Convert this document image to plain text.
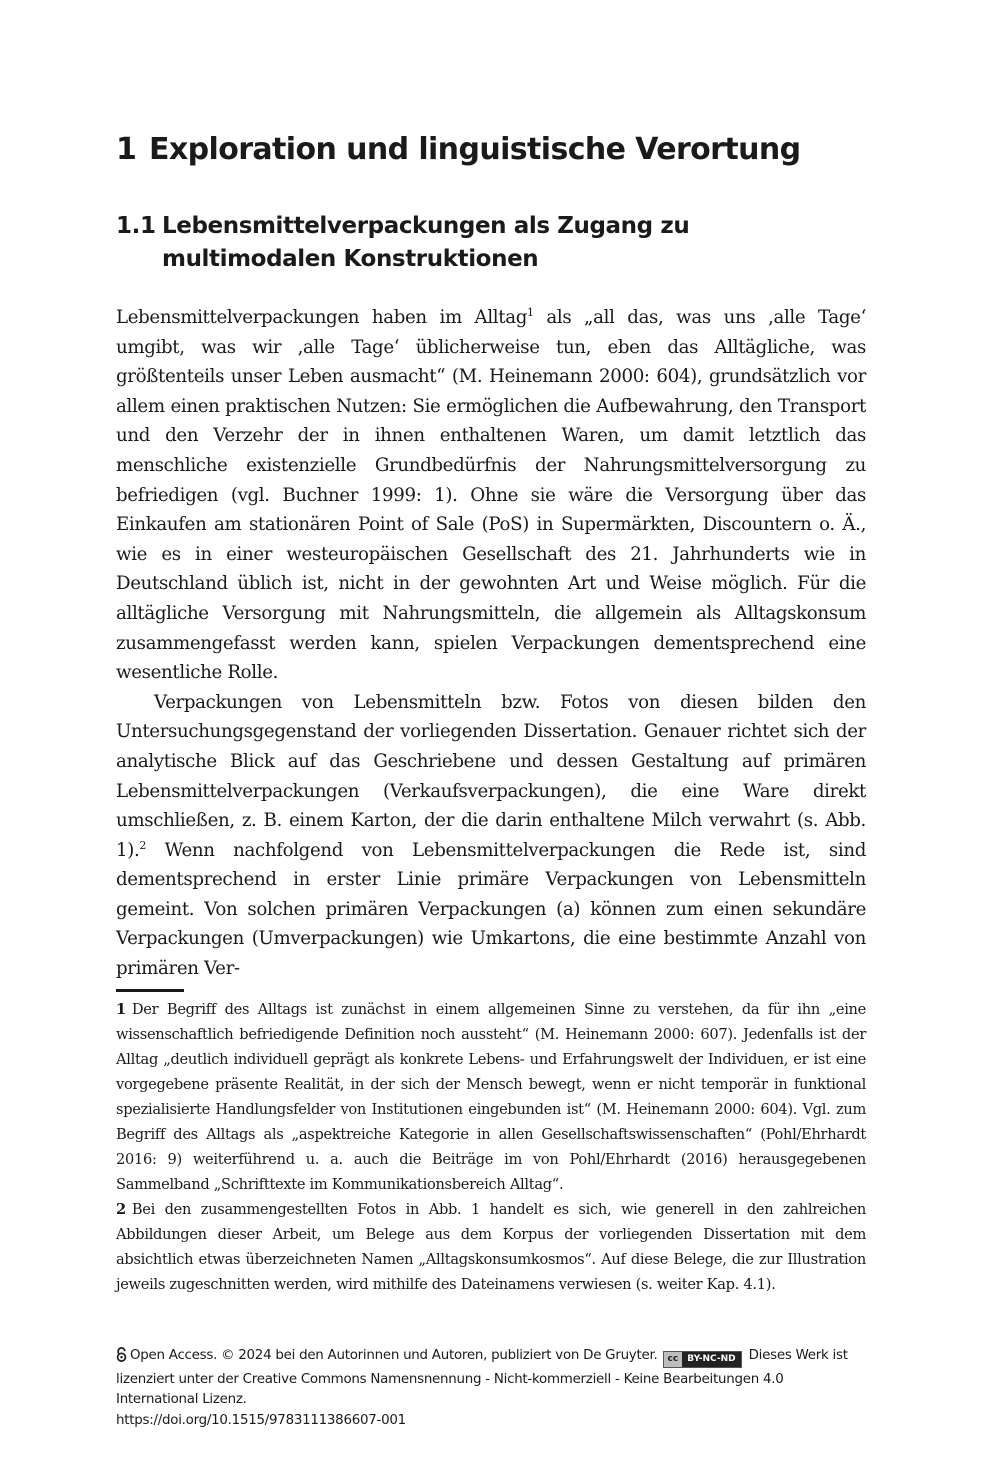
1 Exploration und linguistische Verortung
1.1 Lebensmittelverpackungen als Zugang zu multimodalen Konstruktionen

Lebensmittelverpackungen haben im Alltag$^1$ als „all das, was uns ‚alle Tage‘ umgibt, was wir ‚alle Tage‘ üblicherweise tun, eben das Alltägliche, was größtenteils unser Leben ausmacht“ (M. Heinemann 2000: 604), grundsätzlich vor allem einen praktischen Nutzen: Sie ermöglichen die Aufbewahrung, den Transport und den Verzehr der in ihnen enthaltenen Waren, um damit letztlich das menschliche existenzielle Grundbedürfnis der Nahrungsmittelversorgung zu befriedigen (vgl. Buchner 1999: 1). Ohne sie wäre die Versorgung über das Einkaufen am stationären Point of Sale (PoS) in Supermärkten, Discountern o. Ä., wie es in einer westeuropäischen Gesellschaft des 21. Jahrhunderts wie in Deutschland üblich ist, nicht in der gewohnten Art und Weise möglich. Für die alltägliche Versorgung mit Nahrungsmitteln, die allgemein als Alltagskonsum zusammengefasst werden kann, spielen Verpackungen dementsprechend eine wesentliche Rolle.

Verpackungen von Lebensmitteln bzw. Fotos von diesen bilden den Untersuchungsgegenstand der vorliegenden Dissertation. Genauer richtet sich der analytische Blick auf das Geschriebene und dessen Gestaltung auf primären Lebensmittelverpackungen (Verkaufsverpackungen), die eine Ware direkt umschließen, z. B. einem Karton, der die darin enthaltene Milch verwahrt (s. Abb. 1).$^2$ Wenn nachfolgend von Lebensmittelverpackungen die Rede ist, sind dementsprechend in erster Linie primäre Verpackungen von Lebensmitteln gemeint. Von solchen primären Verpackungen (a) können zum einen sekundäre Verpackungen (Umverpackungen) wie Umkartons, die eine bestimmte Anzahl von primären Ver-

1 Der Begriff des Alltags ist zunächst in einem allgemeinen Sinne zu verstehen, da für ihn „eine wissenschaftlich befriedigende Definition noch aussteht“ (M. Heinemann 2000: 607). Jedenfalls ist der Alltag „deutlich individuell geprägt als konkrete Lebens- und Erfahrungswelt der Individuen, er ist eine vorgegebene präsente Realität, in der sich der Mensch bewegt, wenn er nicht temporär in funktional spezialisierte Handlungsfelder von Institutionen eingebunden ist“ (M. Heinemann 2000: 604). Vgl. zum Begriff des Alltags als „aspektreiche Kategorie in allen Gesellschaftswissenschaften“ (Pohl/Ehrhardt 2016: 9) weiterführend u. a. auch die Beiträge im von Pohl/Ehrhardt (2016) herausgegebenen Sammelband „Schrifttexte im Kommunikationsbereich Alltag“.

2 Bei den zusammengestellten Fotos in Abb. 1 handelt es sich, wie generell in den zahlreichen Abbildungen dieser Arbeit, um Belege aus dem Korpus der vorliegenden Dissertation mit dem absichtlich etwas überzeichneten Namen „Alltagskonsumkosmos“. Auf diese Belege, die zur Illustration jeweils zugeschnitten werden, wird mithilfe des Dateinamens verwiesen (s. weiter Kap. 4.1).

Open Access. © 2024 bei den Autorinnen und Autoren, publiziert von De Gruyter.	cc	BY-NC-ND Dieses Werk ist lizenziert unter der Creative Commons Namensnennung - Nicht-kommerziell - Keine Bearbeitungen 4.0 International Lizenz.
https://doi.org/10.1515/9783111386607-001
